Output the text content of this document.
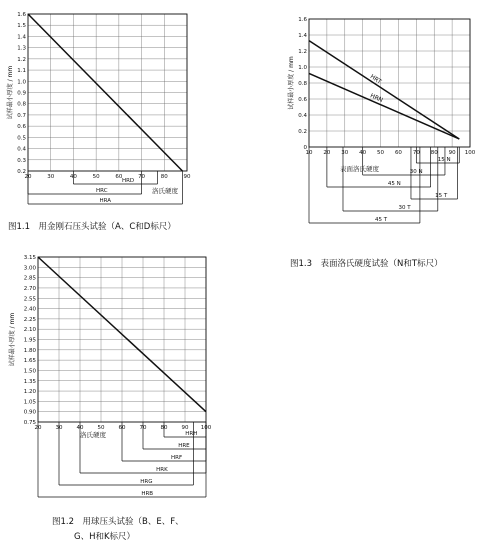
20	30	40	50	60	70	80	90
0.2
0.3
0.4
0.5
0.6
0.7
0.8
0.9
1.0
1.1
1.2
1.3
1.4
1.5
1.6
试样最小厚度 / mm
HRD
HRC
HRA
洛氏硬度
图1.1　用金刚石压头试验（A、C和D标尺）
10 20 30 40 50 60 70 80 90 100
0
0.2
0.4
0.6
0.8
1.0
1.2
1.4
1.6
试样最小厚度 / mm
表面洛氏硬度
HRT
HRN
15 N
30 N
45 N
15 T
30 T
45 T
图1.3　表面洛氏硬度试验（N和T标尺）
20	30	40	50	60	70	80	90 100
0.75
0.90
1.05
1.20
1.35
1.50
1.65
1.80
1.95
2.10
2.25
2.40
2.55
2.70
2.85
3.00
3.15
试样最小厚度 / mm
HRH
HRE
HRF
HRK
HRG
HRB
洛氏硬度
图1.2　用球压头试验（B、E、F、
G、H和K标尺）
